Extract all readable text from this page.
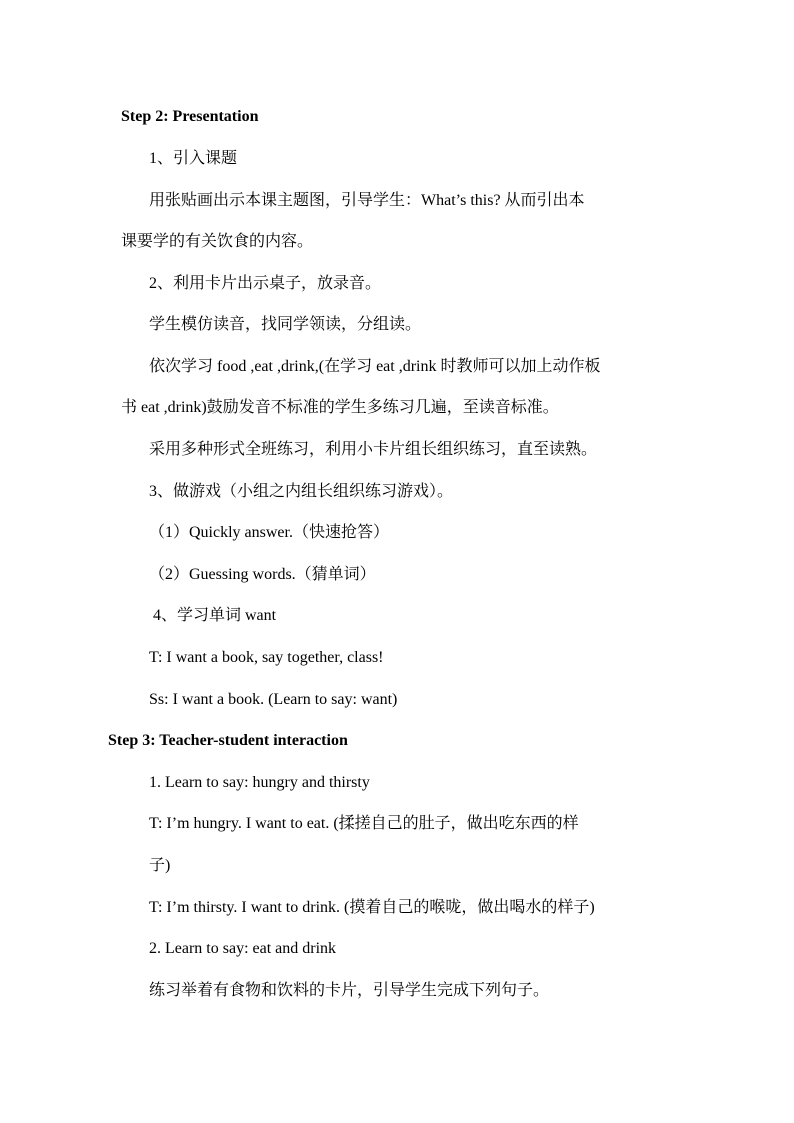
Step 2: Presentation
1、引入课题
用张贴画出示本课主题图，引导学生：What’s this? 从而引出本
课要学的有关饮食的内容。
2、利用卡片出示桌子，放录音。
学生模仿读音，找同学领读，分组读。
依次学习 food ,eat ,drink,(在学习 eat ,drink 时教师可以加上动作板
书 eat ,drink)鼓励发音不标准的学生多练习几遍，至读音标准。
采用多种形式全班练习，利用小卡片组长组织练习，直至读熟。
3、做游戏（小组之内组长组织练习游戏）。
（1）Quickly answer.（快速抢答）
（2）Guessing words.（猜单词）
4、学习单词 want
T: I want a book, say together, class!
Ss: I want a book. (Learn to say: want)
Step 3: Teacher-student interaction
1. Learn to say: hungry and thirsty
T: I’m hungry. I want to eat. (揉搓自己的肚子，做出吃东西的样
子)
T: I’m thirsty. I want to drink. (摸着自己的喉咙，做出喝水的样子)
2. Learn to say: eat and drink
练习举着有食物和饮料的卡片，引导学生完成下列句子。
